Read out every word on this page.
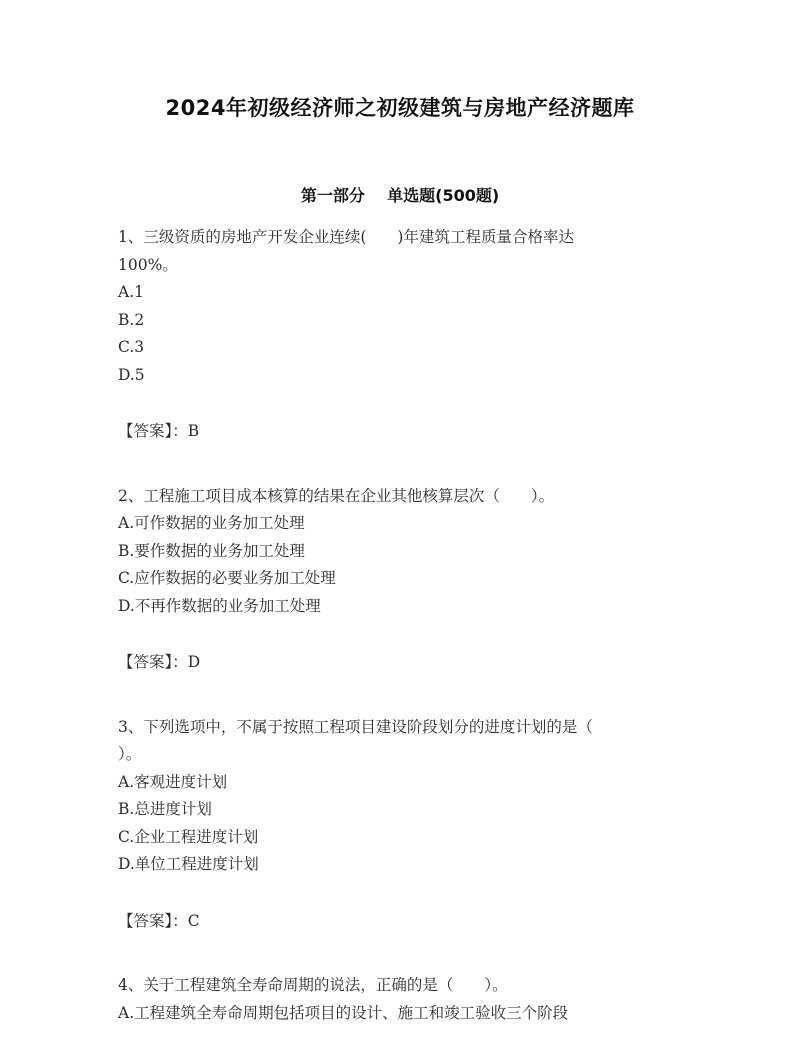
2024年初级经济师之初级建筑与房地产经济题库
第一部分    单选题(500题)
1、三级资质的房地产开发企业连续(　　)年建筑工程质量合格率达
100%。
A.1
B.2
C.3
D.5
【答案】：B
2、工程施工项目成本核算的结果在企业其他核算层次（　　）。
A.可作数据的业务加工处理
B.要作数据的业务加工处理
C.应作数据的必要业务加工处理
D.不再作数据的业务加工处理
【答案】：D
3、下列选项中，不属于按照工程项目建设阶段划分的进度计划的是（
）。
A.客观进度计划
B.总进度计划
C.企业工程进度计划
D.单位工程进度计划
【答案】：C
4、关于工程建筑全寿命周期的说法，正确的是（　　）。
A.工程建筑全寿命周期包括项目的设计、施工和竣工验收三个阶段
